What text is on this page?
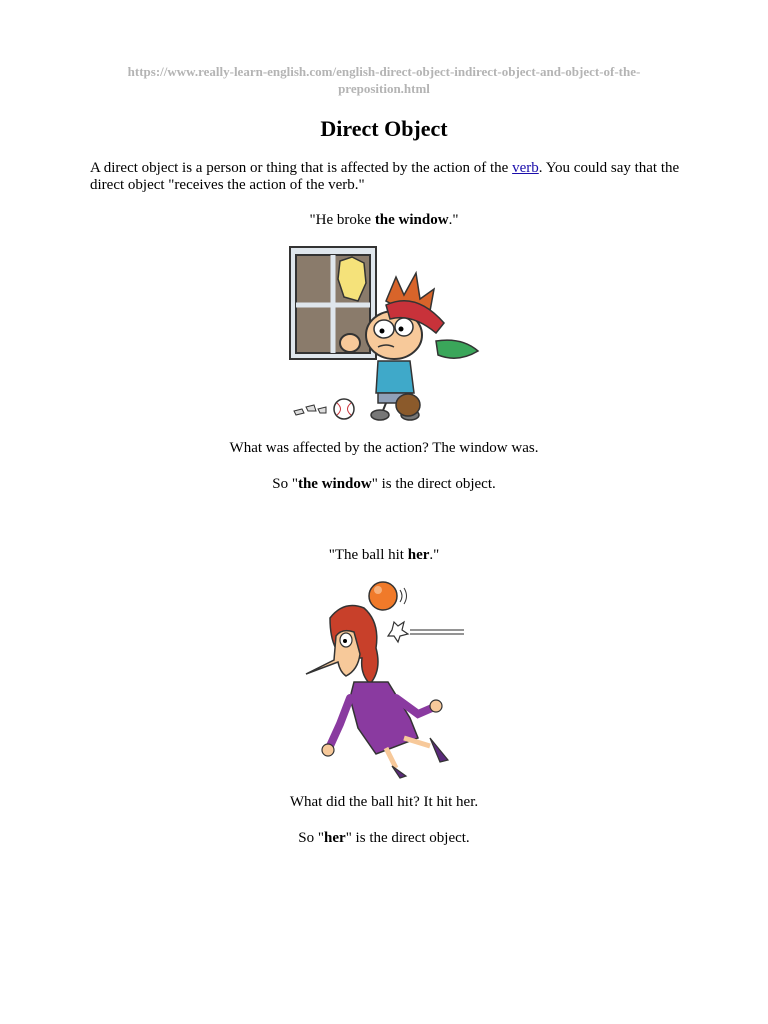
https://www.really-learn-english.com/english-direct-object-indirect-object-and-object-of-the-
preposition.html
Direct Object

A direct object is a person or thing that is affected by the action of the verb. You could say that the direct object "receives the action of the verb."

"He broke the window."

What was affected by the action? The window was.

So "the window" is the direct object.

"The ball hit her."

What did the ball hit? It hit her.

So "her" is the direct object.
